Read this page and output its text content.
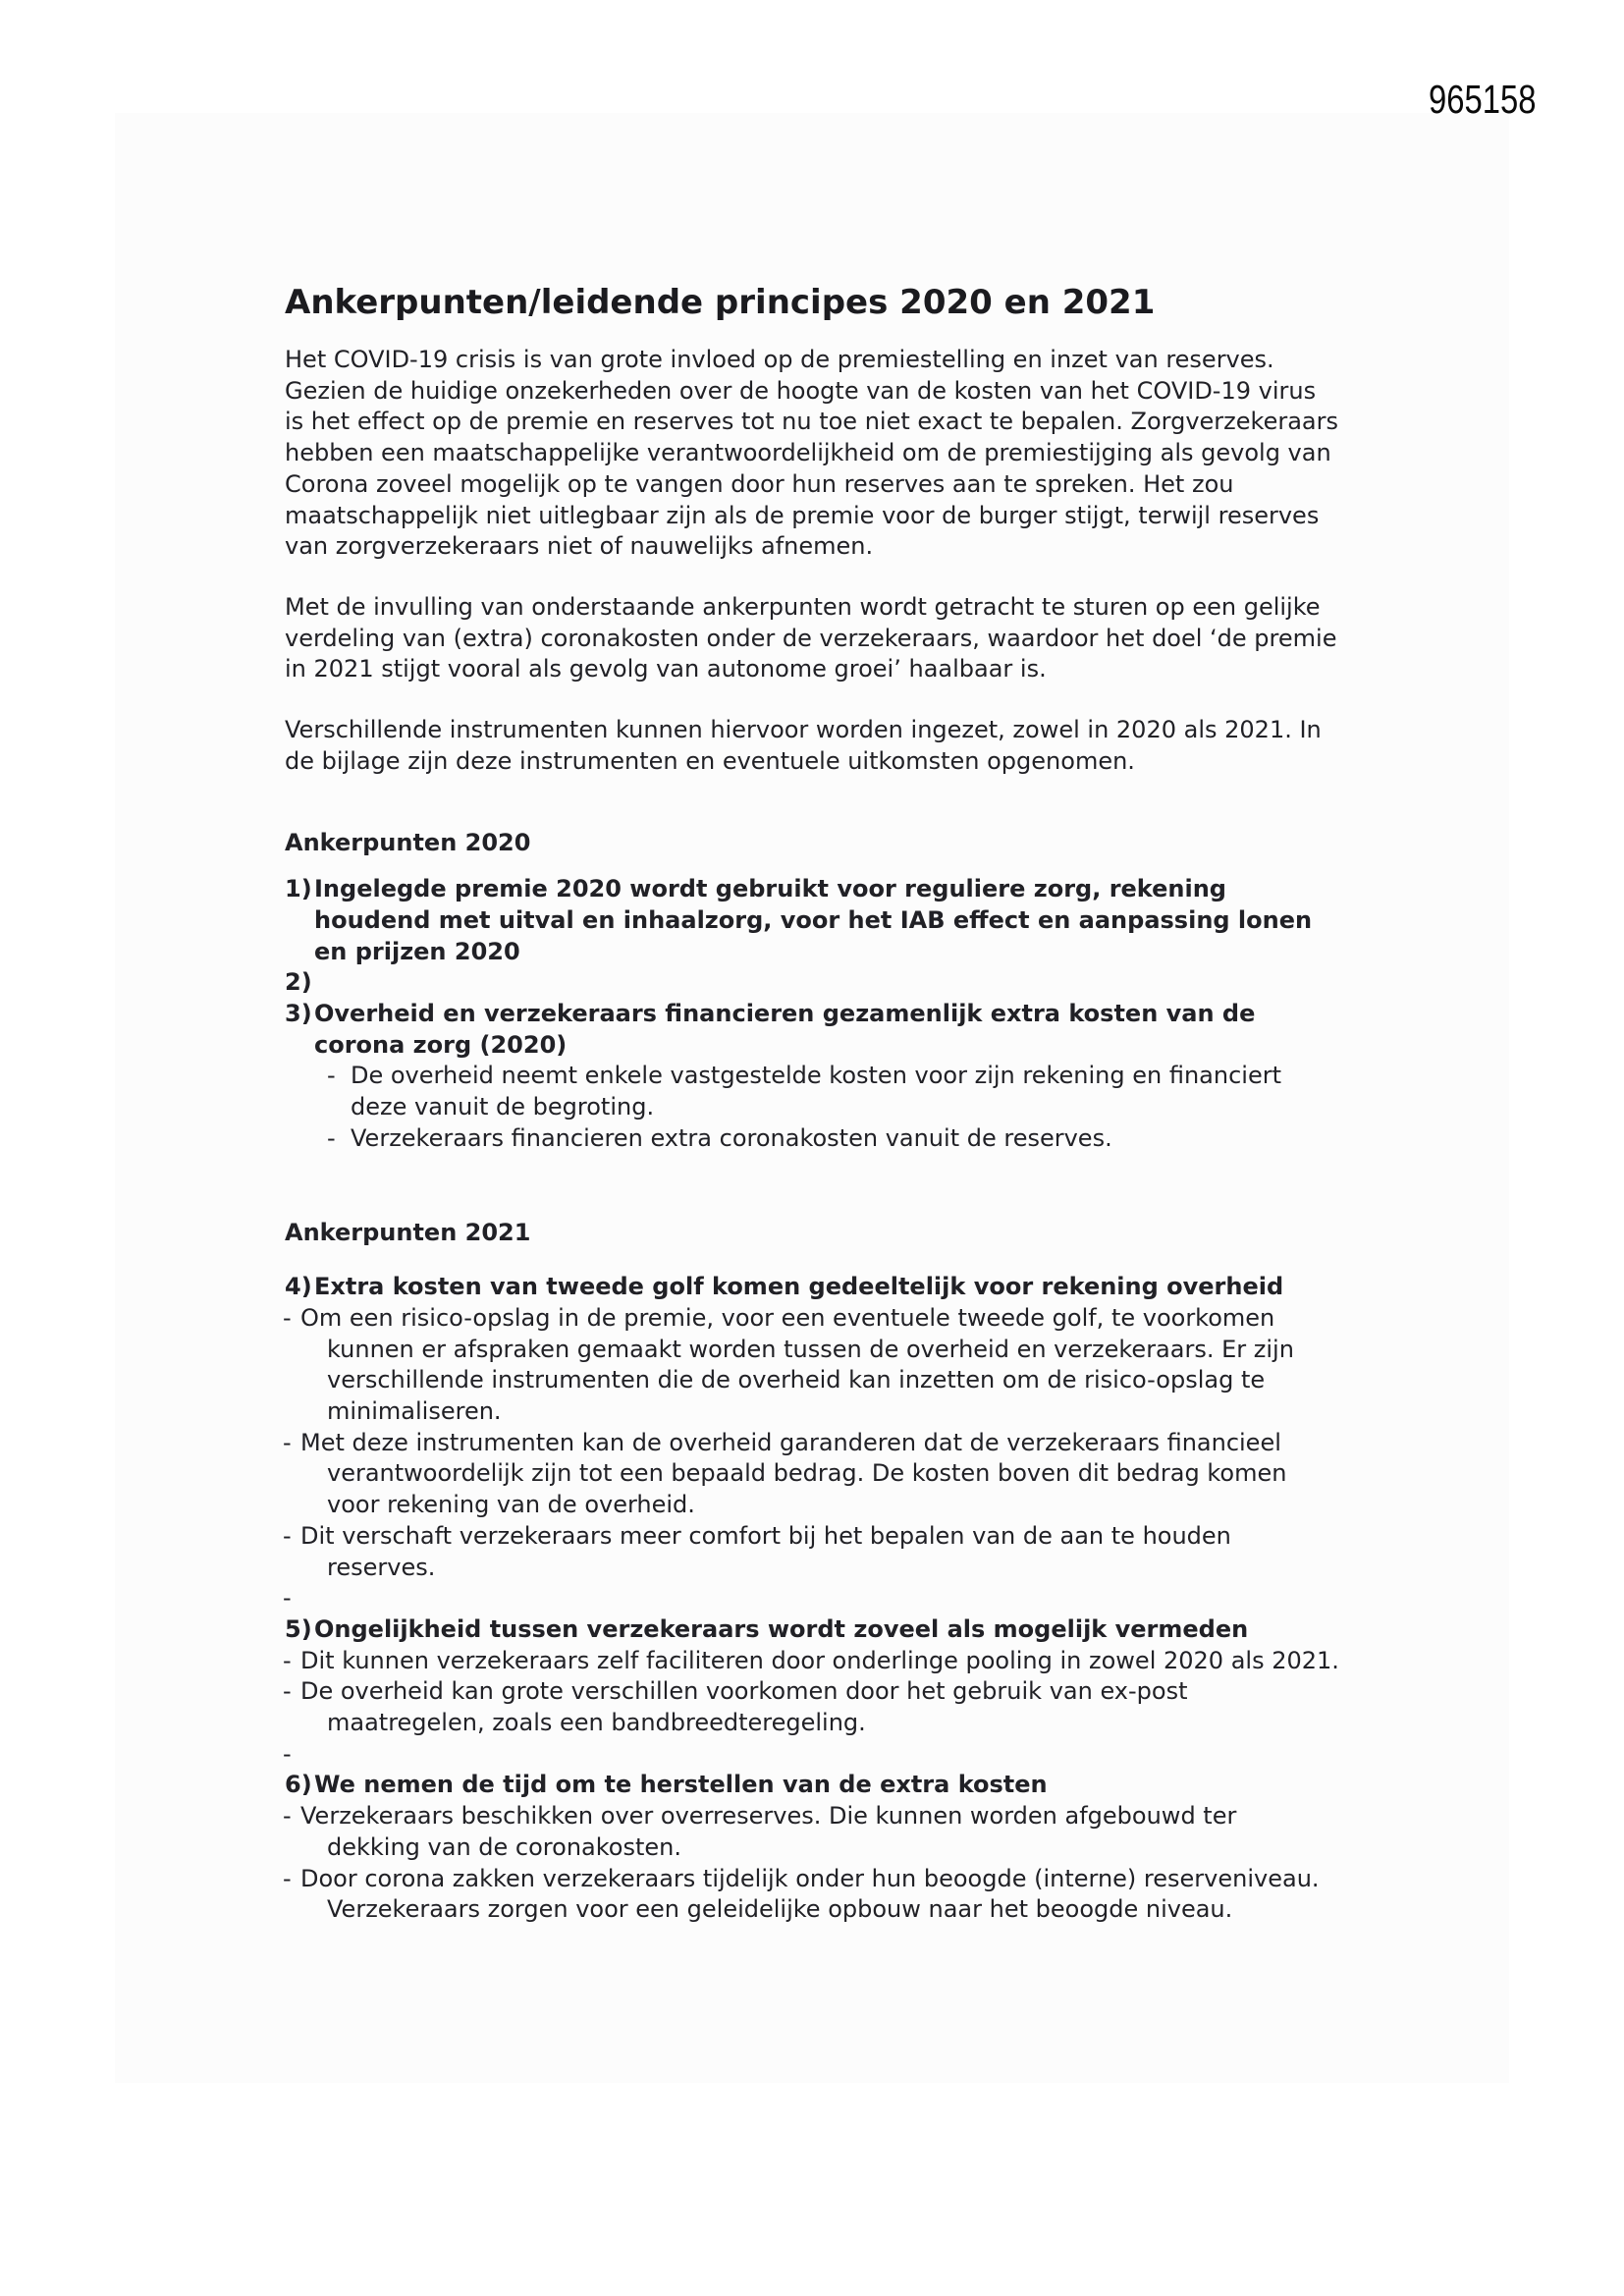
965158
Ankerpunten/leidende principes 2020 en 2021
Het COVID-19 crisis is van grote invloed op de premiestelling en inzet van reserves.
Gezien de huidige onzekerheden over de hoogte van de kosten van het COVID-19 virus
is het effect op de premie en reserves tot nu toe niet exact te bepalen. Zorgverzekeraars
hebben een maatschappelijke verantwoordelijkheid om de premiestijging als gevolg van
Corona zoveel mogelijk op te vangen door hun reserves aan te spreken. Het zou
maatschappelijk niet uitlegbaar zijn als de premie voor de burger stijgt, terwijl reserves
van zorgverzekeraars niet of nauwelijks afnemen.
Met de invulling van onderstaande ankerpunten wordt getracht te sturen op een gelijke
verdeling van (extra) coronakosten onder de verzekeraars, waardoor het doel ‘de premie
in 2021 stijgt vooral als gevolg van autonome groei’ haalbaar is.
Verschillende instrumenten kunnen hiervoor worden ingezet, zowel in 2020 als 2021. In
de bijlage zijn deze instrumenten en eventuele uitkomsten opgenomen.
Ankerpunten 2020
1) Ingelegde premie 2020 wordt gebruikt voor reguliere zorg, rekening
houdend met uitval en inhaalzorg, voor het IAB effect en aanpassing lonen
en prijzen 2020
2)
3) Overheid en verzekeraars financieren gezamenlijk extra kosten van de
corona zorg (2020)
- De overheid neemt enkele vastgestelde kosten voor zijn rekening en financiert
deze vanuit de begroting.
- Verzekeraars financieren extra coronakosten vanuit de reserves.
Ankerpunten 2021
4) Extra kosten van tweede golf komen gedeeltelijk voor rekening overheid
- Om een risico-opslag in de premie, voor een eventuele tweede golf, te voorkomen
kunnen er afspraken gemaakt worden tussen de overheid en verzekeraars. Er zijn
verschillende instrumenten die de overheid kan inzetten om de risico-opslag te
minimaliseren.
- Met deze instrumenten kan de overheid garanderen dat de verzekeraars financieel
verantwoordelijk zijn tot een bepaald bedrag. De kosten boven dit bedrag komen
voor rekening van de overheid.
- Dit verschaft verzekeraars meer comfort bij het bepalen van de aan te houden
reserves.
-
5) Ongelijkheid tussen verzekeraars wordt zoveel als mogelijk vermeden
- Dit kunnen verzekeraars zelf faciliteren door onderlinge pooling in zowel 2020 als 2021.
- De overheid kan grote verschillen voorkomen door het gebruik van ex-post
maatregelen, zoals een bandbreedteregeling.
-
6) We nemen de tijd om te herstellen van de extra kosten
- Verzekeraars beschikken over overreserves. Die kunnen worden afgebouwd ter
dekking van de coronakosten.
- Door corona zakken verzekeraars tijdelijk onder hun beoogde (interne) reserveniveau.
Verzekeraars zorgen voor een geleidelijke opbouw naar het beoogde niveau.
